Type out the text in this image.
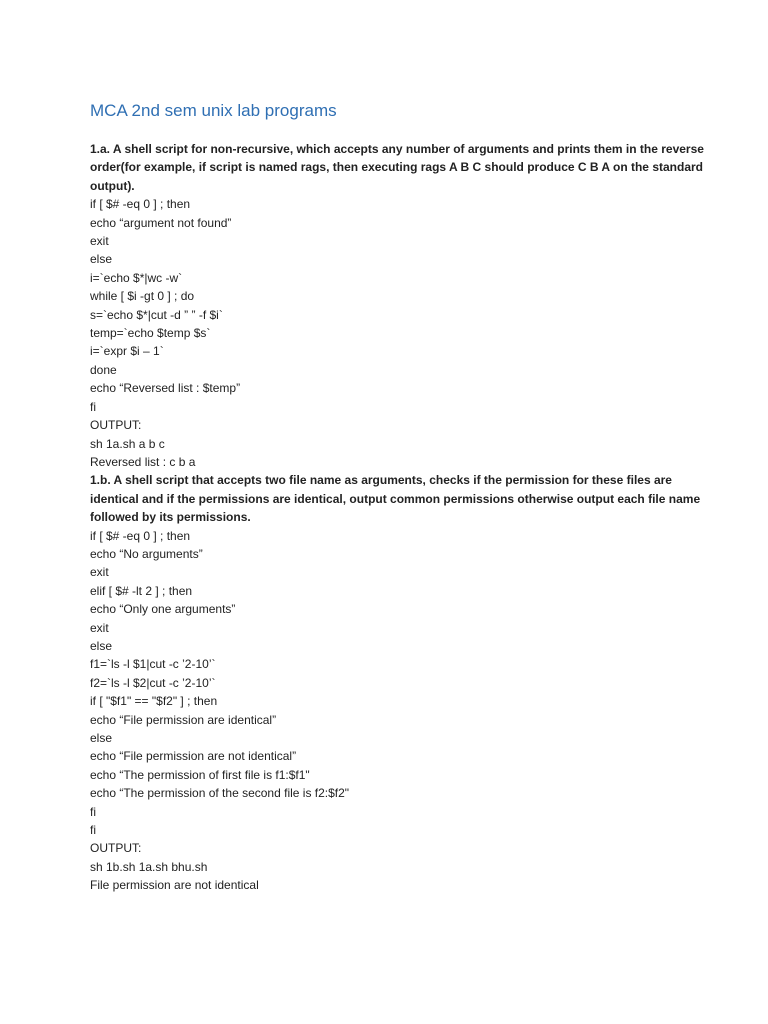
MCA 2nd sem unix lab programs

1.a. A shell script for non-recursive, which accepts any number of arguments and prints them in the reverse order(for example, if script is named rags, then executing rags A B C should produce C B A on the standard output).

if [ $# -eq 0 ] ; then
echo “argument not found”
exit
else
i=`echo $*|wc -w`
while [ $i -gt 0 ] ; do
s=`echo $*|cut -d ” ” -f $i`
temp=`echo $temp $s`
i=`expr $i – 1`
done
echo “Reversed list : $temp”
fi
OUTPUT:
sh 1a.sh a b c
Reversed list : c b a

1.b. A shell script that accepts two file name as arguments, checks if the permission for these files are identical and if the permissions are identical, output common permissions otherwise output each file name followed by its permissions.

if [ $# -eq 0 ] ; then
echo “No arguments”
exit
elif [ $# -lt 2 ] ; then
echo “Only one arguments”
exit
else
f1=`ls -l $1|cut -c ’2-10’`
f2=`ls -l $2|cut -c ’2-10’`
if [ "$f1" == "$f2" ] ; then
echo “File permission are identical”
else
echo “File permission are not identical”
echo “The permission of first file is f1:$f1"
echo “The permission of the second file is f2:$f2"
fi
fi
OUTPUT:
sh 1b.sh 1a.sh bhu.sh
File permission are not identical
